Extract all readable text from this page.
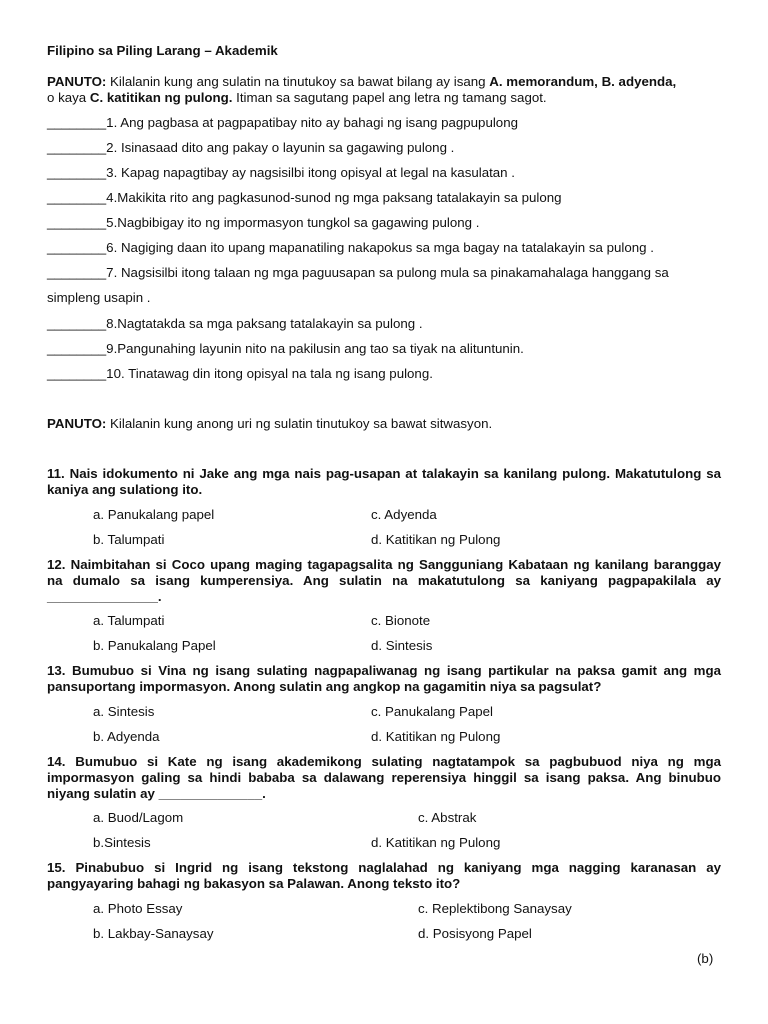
Filipino sa Piling Larang – Akademik
PANUTO: Kilalanin kung ang sulatin na tinutukoy sa bawat bilang ay isang A. memorandum, B. adyenda,
o kaya C. katitikan ng pulong. Itiman sa sagutang papel ang letra ng tamang sagot.
________1. Ang pagbasa at pagpapatibay nito ay bahagi ng isang pagpupulong
________2. Isinasaad dito ang pakay o layunin sa gagawing pulong .
________3. Kapag napagtibay ay nagsisilbi itong opisyal at legal na kasulatan .
________4.Makikita rito ang pagkasunod-sunod ng mga paksang tatalakayin sa pulong
________5.Nagbibigay ito ng impormasyon tungkol sa gagawing pulong .
________6. Nagiging daan ito upang mapanatiling nakapokus sa mga bagay na tatalakayin sa pulong .
________7. Nagsisilbi itong talaan ng mga paguusapan sa pulong mula sa pinakamahalaga hanggang sa
simpleng usapin .
________8.Nagtatakda sa mga paksang tatalakayin sa pulong .
________9.Pangunahing layunin nito na pakilusin ang tao sa tiyak na alituntunin.
________10. Tinatawag din itong opisyal na tala ng isang pulong.
PANUTO: Kilalanin kung anong uri ng sulatin tinutukoy sa bawat sitwasyon.
11. Nais idokumento ni Jake ang mga nais pag-usapan at talakayin sa kanilang pulong. Makatutulong sa kaniya ang sulationg ito.
a. Panukalang papel	c. Adyenda
b. Talumpati	d. Katitikan ng Pulong
12. Naimbitahan si Coco upang maging tagapagsalita ng Sangguniang Kabataan ng kanilang baranggay na dumalo sa isang kumperensiya. Ang sulatin na makatutulong sa kaniyang pagpapakilala ay _______________.
a. Talumpati	c. Bionote
b. Panukalang Papel	d. Sintesis
13. Bumubuo si Vina ng isang sulating nagpapaliwanag ng isang partikular na paksa gamit ang mga pansuportang impormasyon. Anong sulatin ang angkop na gagamitin niya sa pagsulat?
a. Sintesis	c. Panukalang Papel
b. Adyenda	d. Katitikan ng Pulong
14. Bumubuo si Kate ng isang akademikong sulating nagtatampok sa pagbubuod niya ng mga impormasyon galing sa hindi bababa sa dalawang reperensiya hinggil sa isang paksa. Ang binubuo niyang sulatin ay ______________.
a. Buod/Lagom	c. Abstrak
b.Sintesis	d. Katitikan ng Pulong
15. Pinabubuo si Ingrid ng isang tekstong naglalahad ng kaniyang mga nagging karanasan ay pangyayaring bahagi ng bakasyon sa Palawan. Anong teksto ito?
a. Photo Essay	c. Replektibong Sanaysay
b. Lakbay-Sanaysay	d. Posisyong Papel
(b)
